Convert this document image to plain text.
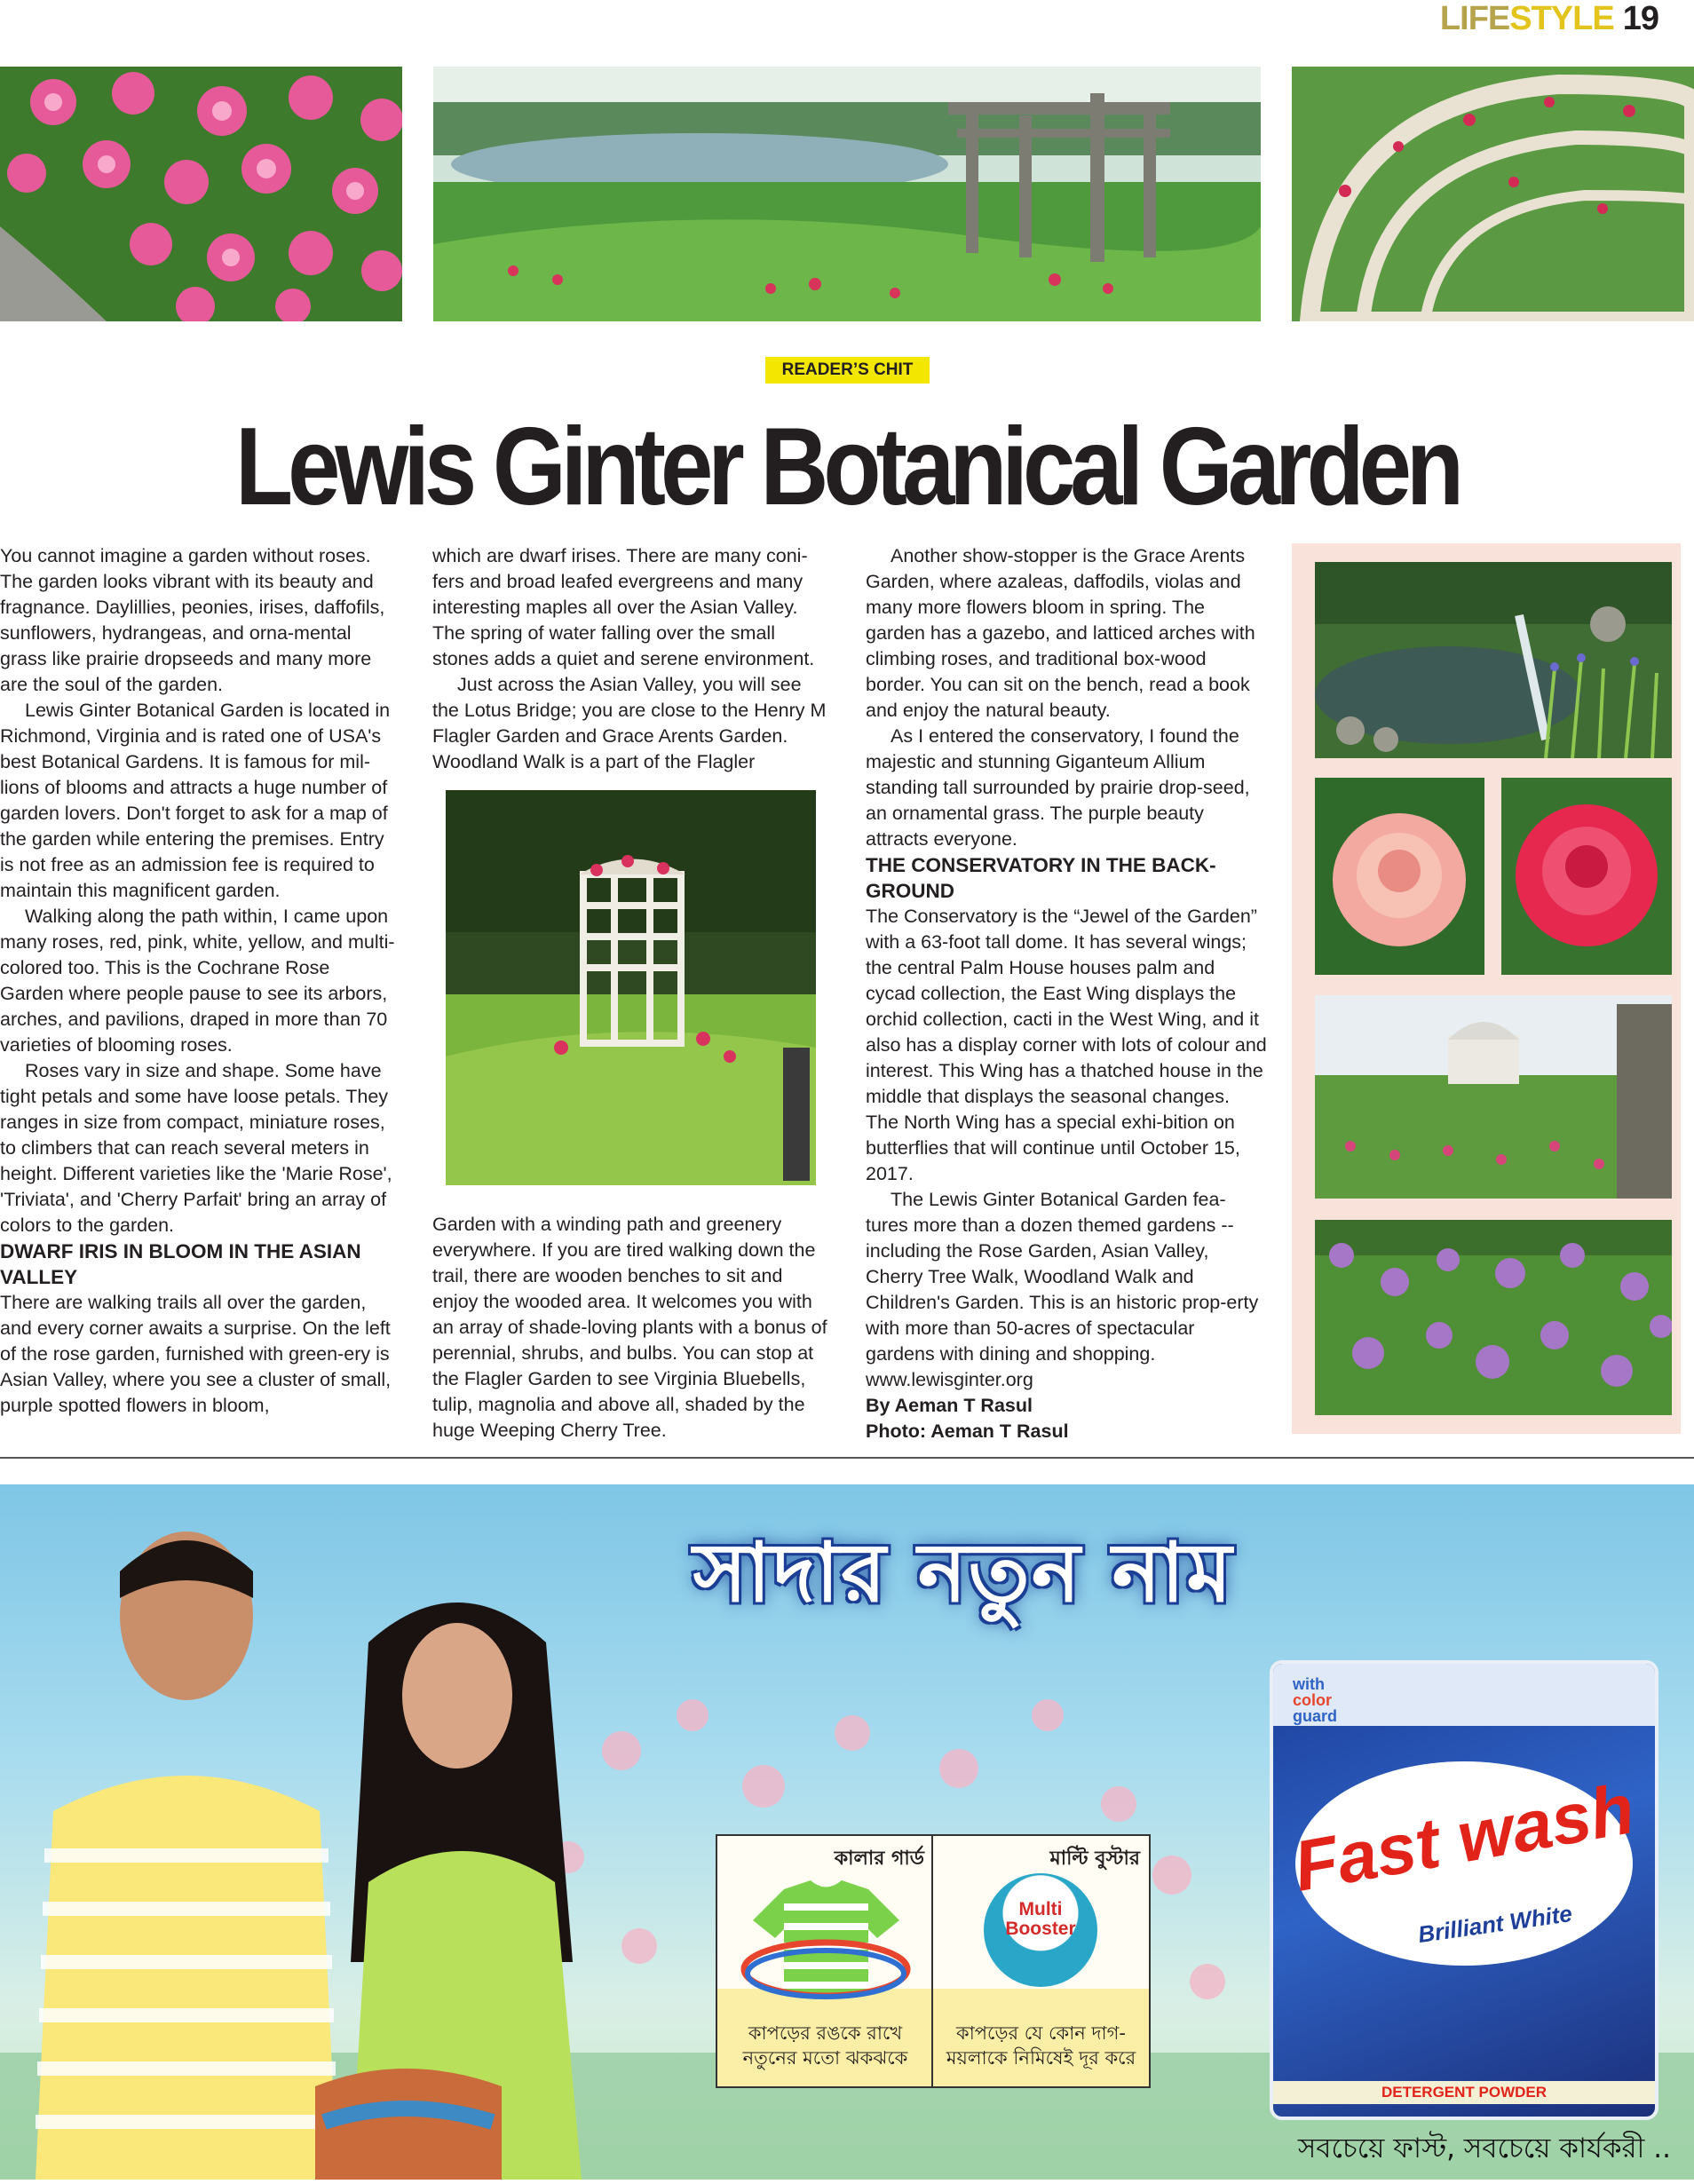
LIFESTYLE 19
READER’S CHIT
Lewis Ginter Botanical Garden

You cannot imagine a garden without roses. The garden looks vibrant with its beauty and fragnance. Daylillies, peonies, irises, daffofils, sunflowers, hydrangeas, and orna-mental grass like prairie dropseeds and many more are the soul of the garden.

Lewis Ginter Botanical Garden is located in Richmond, Virginia and is rated one of USA's best Botanical Gardens. It is famous for mil-lions of blooms and attracts a huge number of garden lovers. Don't forget to ask for a map of the garden while entering the premises. Entry is not free as an admission fee is required to maintain this magnificent garden.

Walking along the path within, I came upon many roses, red, pink, white, yellow, and multi-colored too. This is the Cochrane Rose Garden where people pause to see its arbors, arches, and pavilions, draped in more than 70 varieties of blooming roses.

Roses vary in size and shape. Some have tight petals and some have loose petals. They ranges in size from compact, miniature roses, to climbers that can reach several meters in height. Different varieties like the 'Marie Rose', 'Triviata', and 'Cherry Parfait' bring an array of colors to the garden.

DWARF IRIS IN BLOOM IN THE ASIAN VALLEY

There are walking trails all over the garden, and every corner awaits a surprise. On the left of the rose garden, furnished with green-ery is Asian Valley, where you see a cluster of small, purple spotted flowers in bloom,

which are dwarf irises. There are many coni-fers and broad leafed evergreens and many interesting maples all over the Asian Valley. The spring of water falling over the small stones adds a quiet and serene environment.

Just across the Asian Valley, you will see the Lotus Bridge; you are close to the Henry M Flagler Garden and Grace Arents Garden. Woodland Walk is a part of the Flagler

Garden with a winding path and greenery everywhere. If you are tired walking down the trail, there are wooden benches to sit and enjoy the wooded area. It welcomes you with an array of shade-loving plants with a bonus of perennial, shrubs, and bulbs. You can stop at the Flagler Garden to see Virginia Bluebells, tulip, magnolia and above all, shaded by the huge Weeping Cherry Tree.

Another show-stopper is the Grace Arents Garden, where azaleas, daffodils, violas and many more flowers bloom in spring. The garden has a gazebo, and latticed arches with climbing roses, and traditional box-wood border. You can sit on the bench, read a book and enjoy the natural beauty.

As I entered the conservatory, I found the majestic and stunning Giganteum Allium standing tall surrounded by prairie drop-seed, an ornamental grass. The purple beauty attracts everyone.

THE CONSERVATORY IN THE BACK-GROUND

The Conservatory is the “Jewel of the Garden” with a 63-foot tall dome. It has several wings; the central Palm House houses palm and cycad collection, the East Wing displays the orchid collection, cacti in the West Wing, and it also has a display corner with lots of colour and interest. This Wing has a thatched house in the middle that displays the seasonal changes. The North Wing has a special exhi-bition on butterflies that will continue until October 15, 2017.

The Lewis Ginter Botanical Garden fea-tures more than a dozen themed gardens -- including the Rose Garden, Asian Valley, Cherry Tree Walk, Woodland Walk and Children's Garden. This is an historic prop-erty with more than 50-acres of spectacular gardens with dining and shopping.

www.lewisginter.org

By Aeman T Rasul

Photo: Aeman T Rasul

সাদার নতুন নাম
কালার গার্ড
কাপড়ের রঙকে রাখে
নতুনের মতো ঝকঝকে
মাল্টি বুস্টার
Multi
Booster
কাপড়ের যে কোন দাগ-
ময়লাকে নিমিষেই দূর করে
with
color
guard
Fast wash
Brilliant White
DETERGENT POWDER
সবচেয়ে ফাস্ট, সবচেয়ে কার্যকরী ..
